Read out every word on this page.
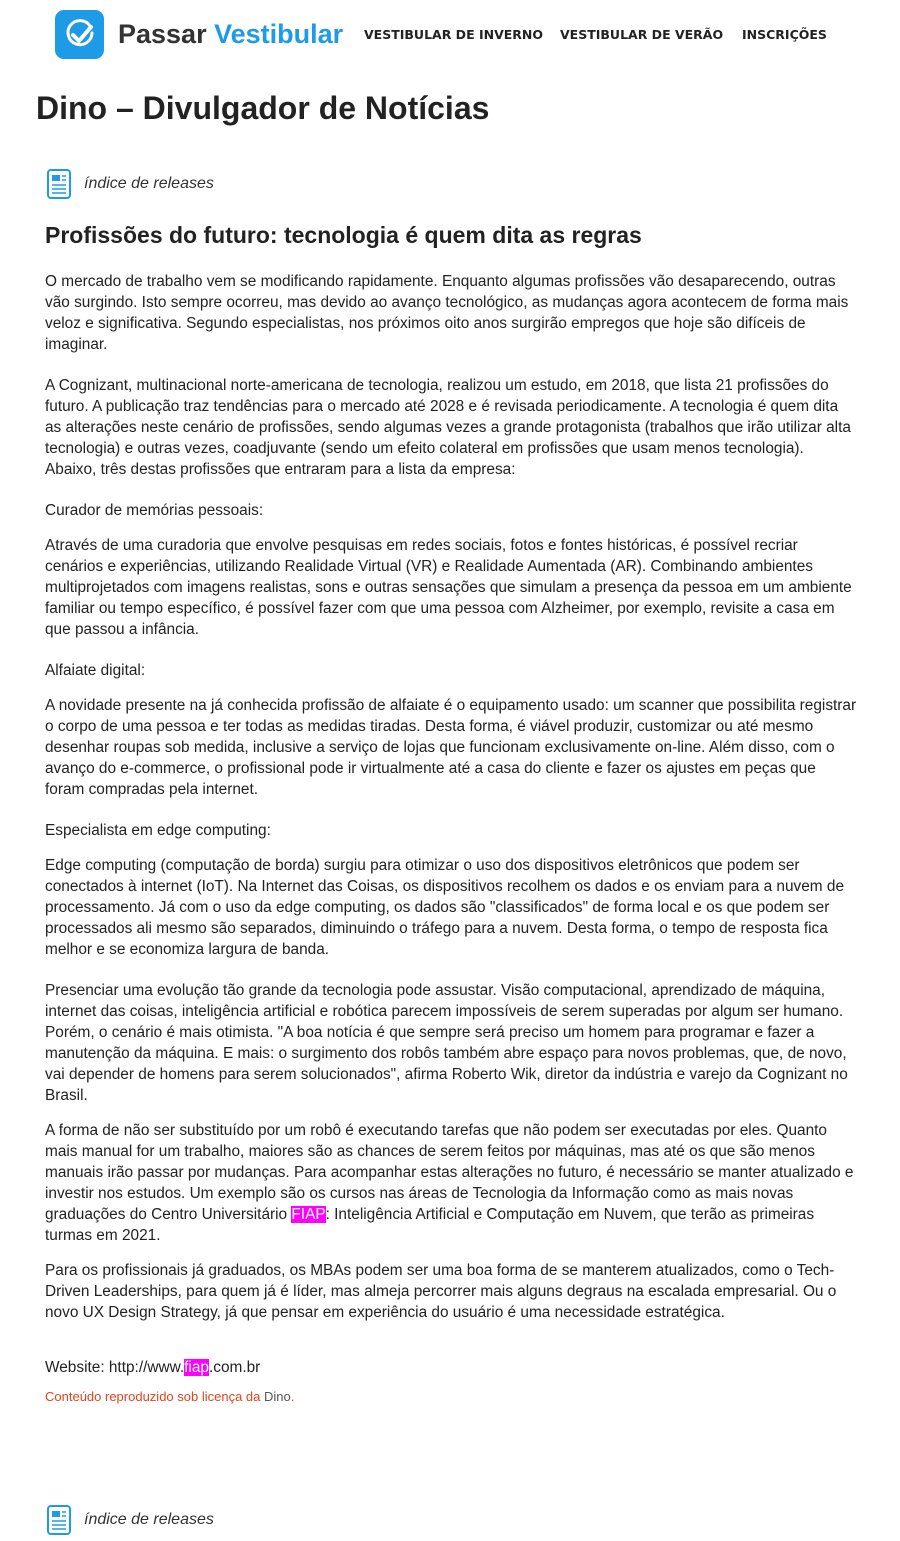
Passar Vestibular VESTIBULAR DE INVERNO VESTIBULAR DE VERÃO INSCRIÇÕES
Dino – Divulgador de Notícias
índice de releases
Profissões do futuro: tecnologia é quem dita as regras

O mercado de trabalho vem se modificando rapidamente. Enquanto algumas profissões vão desaparecendo, outras vão surgindo. Isto sempre ocorreu, mas devido ao avanço tecnológico, as mudanças agora acontecem de forma mais veloz e significativa. Segundo especialistas, nos próximos oito anos surgirão empregos que hoje são difíceis de imaginar.

A Cognizant, multinacional norte-americana de tecnologia, realizou um estudo, em 2018, que lista 21 profissões do futuro. A publicação traz tendências para o mercado até 2028 e é revisada periodicamente. A tecnologia é quem dita as alterações neste cenário de profissões, sendo algumas vezes a grande protagonista (trabalhos que irão utilizar alta tecnologia) e outras vezes, coadjuvante (sendo um efeito colateral em profissões que usam menos tecnologia). Abaixo, três destas profissões que entraram para a lista da empresa:

Curador de memórias pessoais:

Através de uma curadoria que envolve pesquisas em redes sociais, fotos e fontes históricas, é possível recriar cenários e experiências, utilizando Realidade Virtual (VR) e Realidade Aumentada (AR). Combinando ambientes multiprojetados com imagens realistas, sons e outras sensações que simulam a presença da pessoa em um ambiente familiar ou tempo específico, é possível fazer com que uma pessoa com Alzheimer, por exemplo, revisite a casa em que passou a infância.

Alfaiate digital:

A novidade presente na já conhecida profissão de alfaiate é o equipamento usado: um scanner que possibilita registrar o corpo de uma pessoa e ter todas as medidas tiradas. Desta forma, é viável produzir, customizar ou até mesmo desenhar roupas sob medida, inclusive a serviço de lojas que funcionam exclusivamente on-line. Além disso, com o avanço do e-commerce, o profissional pode ir virtualmente até a casa do cliente e fazer os ajustes em peças que foram compradas pela internet.

Especialista em edge computing:

Edge computing (computação de borda) surgiu para otimizar o uso dos dispositivos eletrônicos que podem ser conectados à internet (IoT). Na Internet das Coisas, os dispositivos recolhem os dados e os enviam para a nuvem de processamento. Já com o uso da edge computing, os dados são "classificados" de forma local e os que podem ser processados ali mesmo são separados, diminuindo o tráfego para a nuvem. Desta forma, o tempo de resposta fica melhor e se economiza largura de banda.

Presenciar uma evolução tão grande da tecnologia pode assustar. Visão computacional, aprendizado de máquina, internet das coisas, inteligência artificial e robótica parecem impossíveis de serem superadas por algum ser humano. Porém, o cenário é mais otimista. "A boa notícia é que sempre será preciso um homem para programar e fazer a manutenção da máquina. E mais: o surgimento dos robôs também abre espaço para novos problemas, que, de novo, vai depender de homens para serem solucionados", afirma Roberto Wik, diretor da indústria e varejo da Cognizant no Brasil.

A forma de não ser substituído por um robô é executando tarefas que não podem ser executadas por eles. Quanto mais manual for um trabalho, maiores são as chances de serem feitos por máquinas, mas até os que são menos manuais irão passar por mudanças. Para acompanhar estas alterações no futuro, é necessário se manter atualizado e investir nos estudos. Um exemplo são os cursos nas áreas de Tecnologia da Informação como as mais novas graduações do Centro Universitário FIAP: Inteligência Artificial e Computação em Nuvem, que terão as primeiras turmas em 2021.

Para os profissionais já graduados, os MBAs podem ser uma boa forma de se manterem atualizados, como o Tech-Driven Leaderships, para quem já é líder, mas almeja percorrer mais alguns degraus na escalada empresarial. Ou o novo UX Design Strategy, já que pensar em experiência do usuário é uma necessidade estratégica.

Website: http://www.fiap.com.br

Conteúdo reproduzido sob licença da Dino.

índice de releases
